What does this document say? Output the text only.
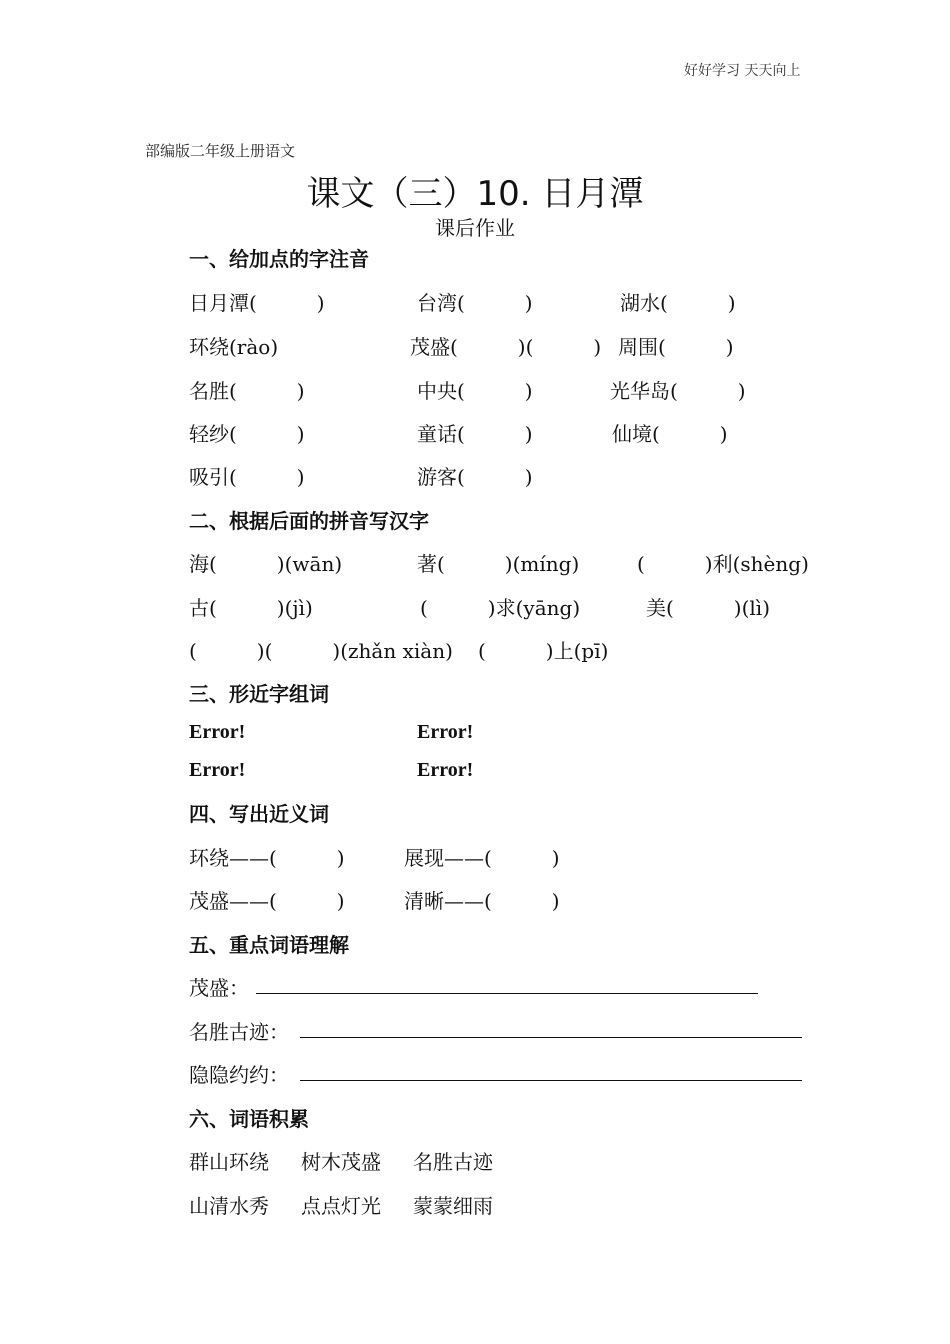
好好学习 天天向上
部编版二年级上册语文
课文（三）10. 日月潭
课后作业
一、给加点的字注音
日月潭(　　　)	台湾(　　　)	湖水(　　　)
环绕(rào)	茂盛(　　　)(　　　) 周围(　　　)
名胜(　　　)	中央(　　　)	光华岛(　　　)
轻纱(　　　)	童话(　　　)	仙境(　　　)
吸引(　　　)	游客(　　　)
二、根据后面的拼音写汉字
海(　　　)(wān)	著(　　　)(míng)	(　　　)利(shèng)
古(　　　)(jì)	(　　　)求(yāng)	美(　　　)(lì)
(　　　)(　　　)(zhǎn xiàn) (　　　)上(pī)
三、形近字组词
Error!	Error!
Error!	Error!
四、写出近义词
环绕——(　　　)	展现——(　　　)
茂盛——(　　　)	清晰——(　　　)
五、重点词语理解
茂盛：
名胜古迹：
隐隐约约：
六、词语积累
群山环绕 树木茂盛 名胜古迹
山清水秀 点点灯光 蒙蒙细雨
